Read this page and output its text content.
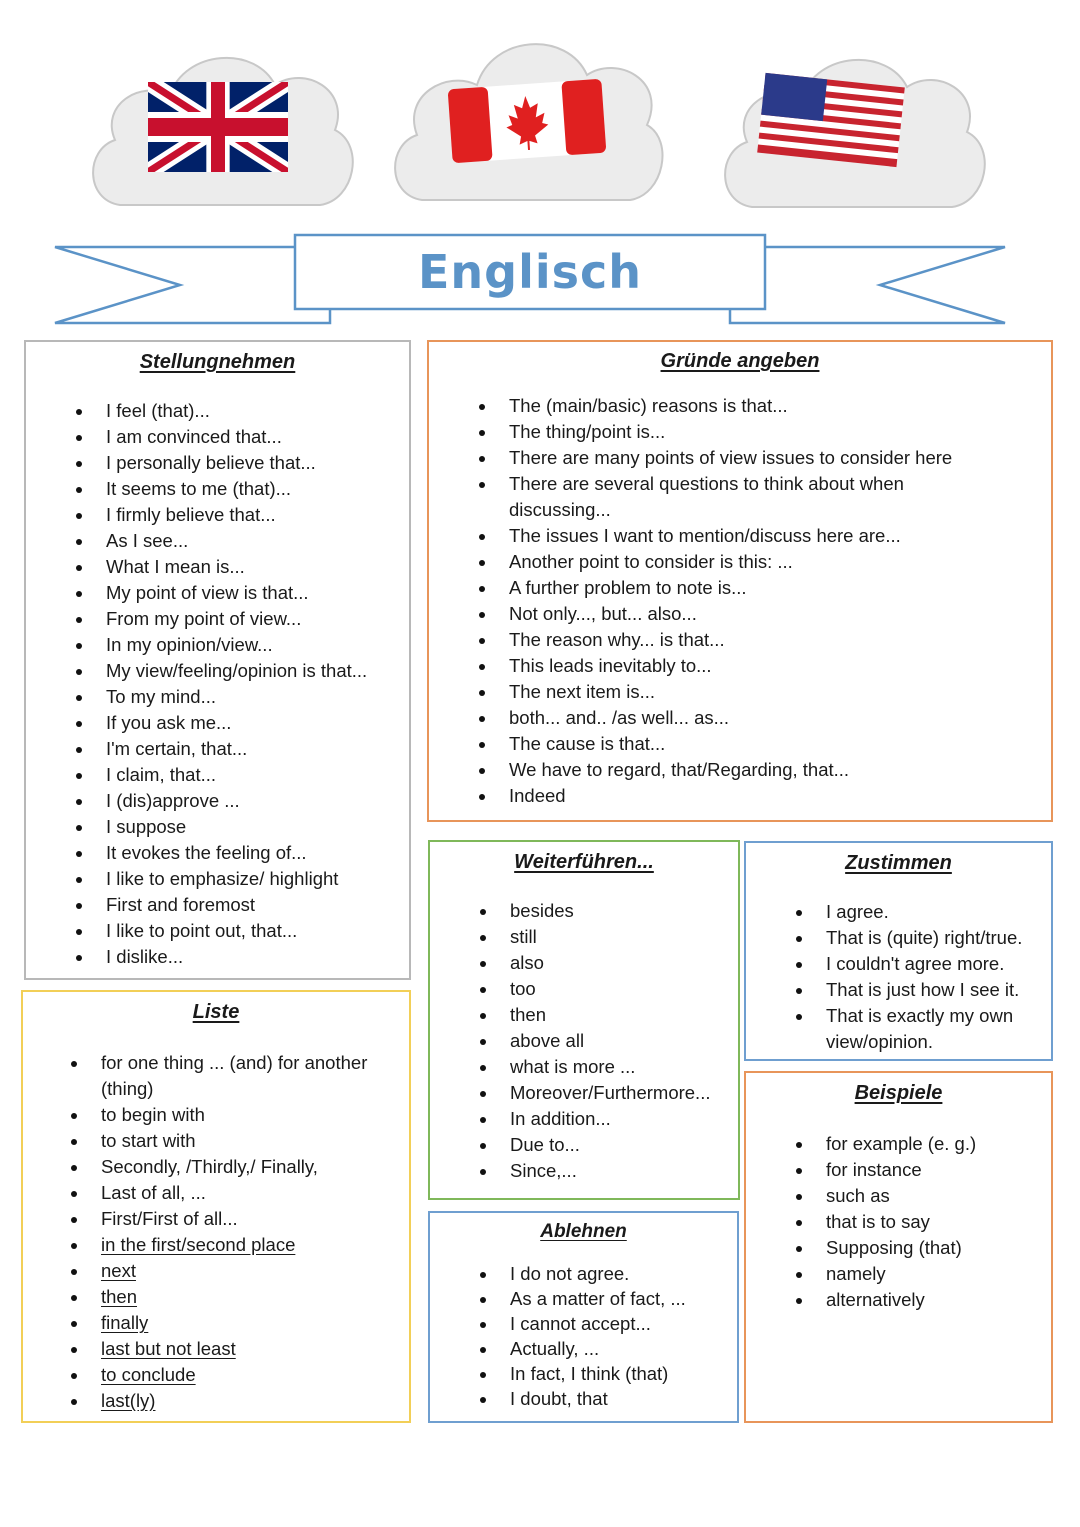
Englisch
Stellungnehmen
I feel (that)...
I am convinced that...
I personally believe that...
It seems to me (that)...
I firmly believe that...
As I see...
What I mean is...
My point of view is that...
From my point of view...
In my opinion/view...
My view/feeling/opinion is that...
To my mind...
If you ask me...
I'm certain, that...
I claim, that...
I (dis)approve ...
I suppose
It evokes the feeling of...
I like to emphasize/ highlight
First and foremost
I like to point out, that...
I dislike...
Gründe angeben
The (main/basic) reasons is that...
The thing/point is...
There are many points of view issues to consider here
There are several questions to think about when discussing...
The issues I want to mention/discuss here are...
Another point to consider is this: ...
A further problem to note is...
Not only..., but... also...
The reason why... is that...
This leads inevitably to...
The next item is...
both... and.. /as well... as...
The cause is that...
We have to regard, that/Regarding, that...
Indeed
Liste
for one thing ... (and) for another (thing)
to begin with
to start with
Secondly, /Thirdly,/ Finally,
Last of all, ...
First/First of all...
in the first/second place
next
then
finally
last but not least
to conclude
last(ly)
Weiterführen...
besides
still
also
too
then
above all
what is more ...
Moreover/Furthermore...
In addition...
Due to...
Since,...
Zustimmen
I agree.
That is (quite) right/true.
I couldn't agree more.
That is just how I see it.
That is exactly my own view/opinion.
Beispiele
for example (e. g.)
for instance
such as
that is to say
Supposing (that)
namely
alternatively
Ablehnen
I do not agree.
As a matter of fact, ...
I cannot accept...
Actually, ...
In fact, I think (that)
I doubt, that
